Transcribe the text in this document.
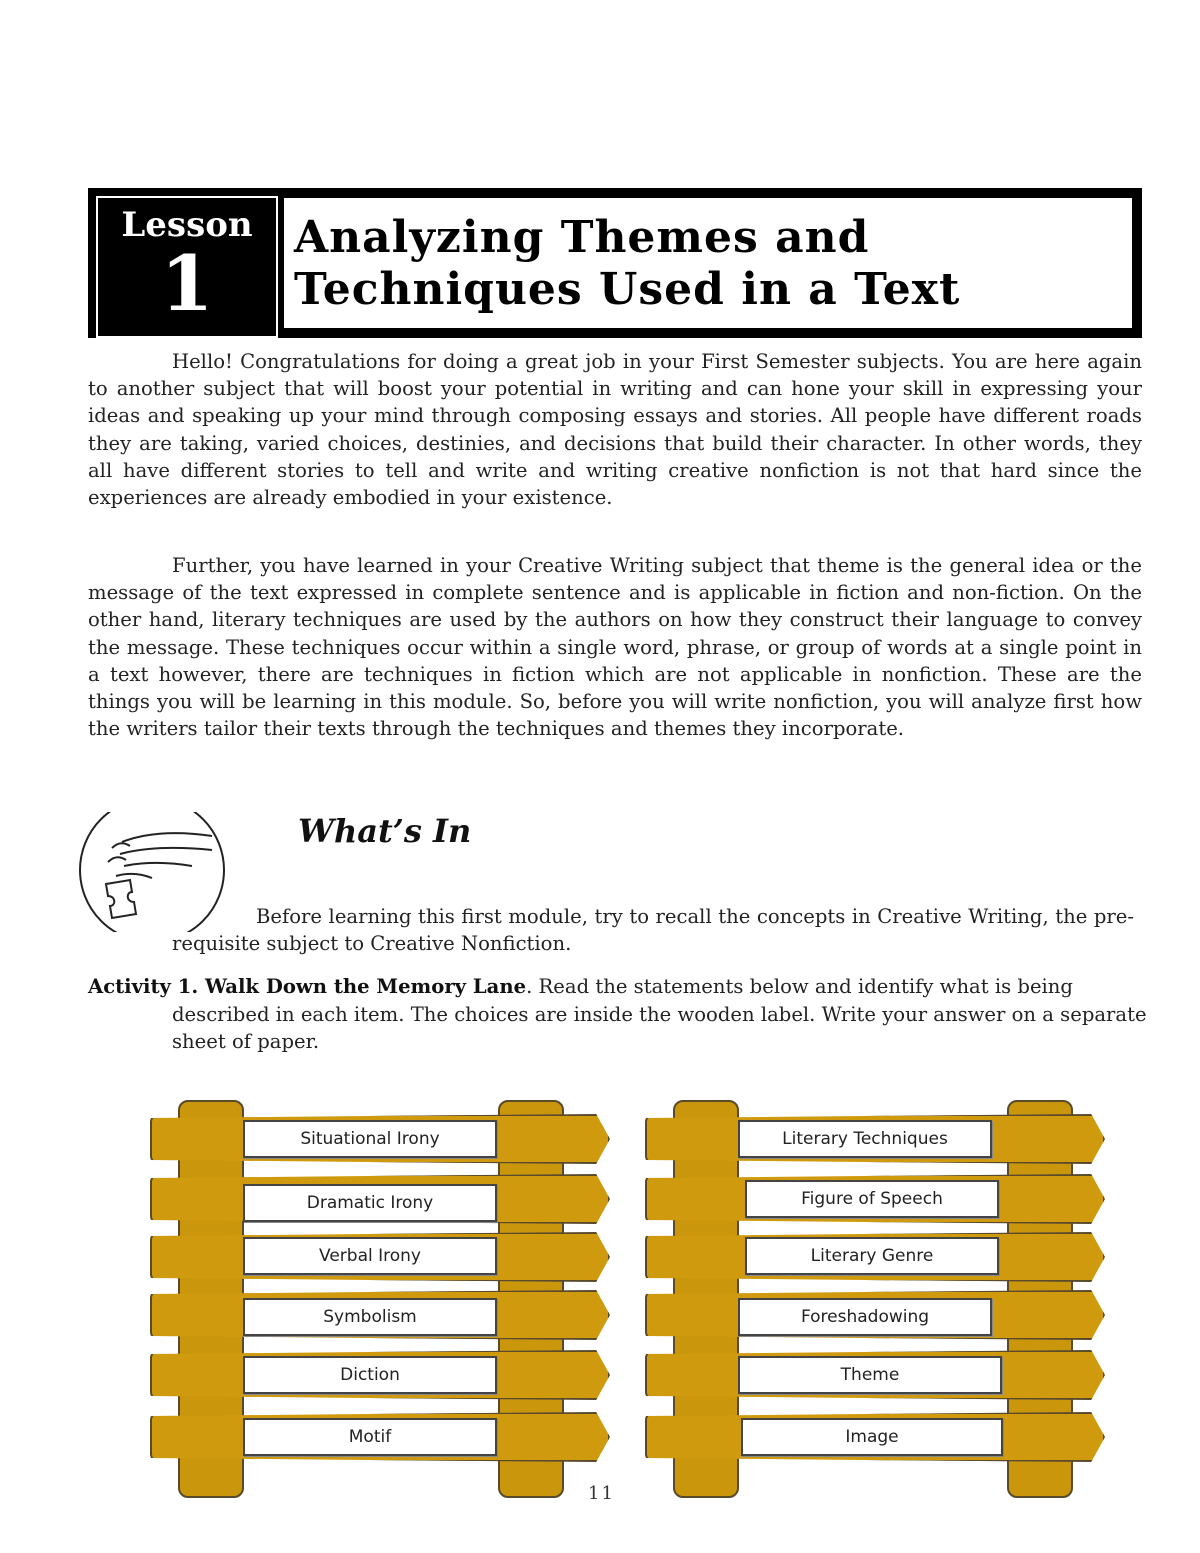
Lesson
1
Analyzing Themes and
Techniques Used in a Text

Hello! Congratulations for doing a great job in your First Semester subjects. You are here again to another subject that will boost your potential in writing and can hone your skill in expressing your ideas and speaking up your mind through composing essays and stories. All people have different roads they are taking, varied choices, destinies, and decisions that build their character. In other words, they all have different stories to tell and write and writing creative nonfiction is not that hard since the experiences are already embodied in your existence.

Further, you have learned in your Creative Writing subject that theme is the general idea or the message of the text expressed in complete sentence and is applicable in fiction and non-fiction. On the other hand, literary techniques are used by the authors on how they construct their language to convey the message. These techniques occur within a single word, phrase, or group of words at a single point in a text however, there are techniques in fiction which are not applicable in nonfiction. These are the things you will be learning in this module. So, before you will write nonfiction, you will analyze first how the writers tailor their texts through the techniques and themes they incorporate.

What’s In

Before learning this first module, try to recall the concepts in Creative Writing, the pre-requisite subject to Creative Nonfiction.

Activity 1. Walk Down the Memory Lane. Read the statements below and identify what is being described in each item. The choices are inside the wooden label. Write your answer on a separate sheet of paper.

Situational Irony
Dramatic Irony
Verbal Irony
Symbolism
Diction
Motif
Literary Techniques
Figure of Speech
Literary Genre
Foreshadowing
Theme
Image

11
